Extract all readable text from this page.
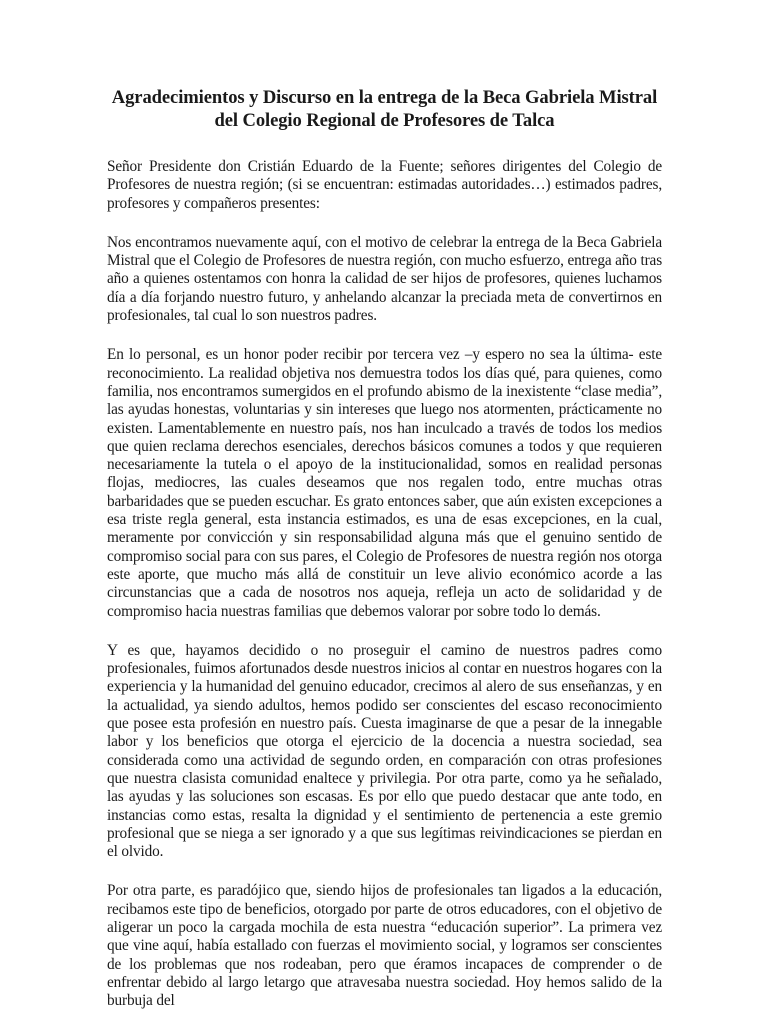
Agradecimientos y Discurso en la entrega de la Beca Gabriela Mistral
del Colegio Regional de Profesores de Talca

Señor Presidente don Cristián Eduardo de la Fuente; señores dirigentes del Colegio de Profesores de nuestra región; (si se encuentran: estimadas autoridades…) estimados padres, profesores y compañeros presentes:

Nos encontramos nuevamente aquí, con el motivo de celebrar la entrega de la Beca Gabriela Mistral que el Colegio de Profesores de nuestra región, con mucho esfuerzo, entrega año tras año a quienes ostentamos con honra la calidad de ser hijos de profesores, quienes luchamos día a día forjando nuestro futuro, y anhelando alcanzar la preciada meta de convertirnos en profesionales, tal cual lo son nuestros padres.

En lo personal, es un honor poder recibir por tercera vez –y espero no sea la última- este reconocimiento. La realidad objetiva nos demuestra todos los días qué, para quienes, como familia, nos encontramos sumergidos en el profundo abismo de la inexistente “clase media”, las ayudas honestas, voluntarias y sin intereses que luego nos atormenten, prácticamente no existen. Lamentablemente en nuestro país, nos han inculcado a través de todos los medios que quien reclama derechos esenciales, derechos básicos comunes a todos y que requieren necesariamente la tutela o el apoyo de la institucionalidad, somos en realidad personas flojas, mediocres, las cuales deseamos que nos regalen todo, entre muchas otras barbaridades que se pueden escuchar. Es grato entonces saber, que aún existen excepciones a esa triste regla general, esta instancia estimados, es una de esas excepciones, en la cual, meramente por convicción y sin responsabilidad alguna más que el genuino sentido de compromiso social para con sus pares, el Colegio de Profesores de nuestra región nos otorga este aporte, que mucho más allá de constituir un leve alivio económico acorde a las circunstancias que a cada de nosotros nos aqueja, refleja un acto de solidaridad y de compromiso hacia nuestras familias que debemos valorar por sobre todo lo demás.

Y es que, hayamos decidido o no proseguir el camino de nuestros padres como profesionales, fuimos afortunados desde nuestros inicios al contar en nuestros hogares con la experiencia y la humanidad del genuino educador, crecimos al alero de sus enseñanzas, y en la actualidad, ya siendo adultos, hemos podido ser conscientes del escaso reconocimiento que posee esta profesión en nuestro país. Cuesta imaginarse de que a pesar de la innegable labor y los beneficios que otorga el ejercicio de la docencia a nuestra sociedad, sea considerada como una actividad de segundo orden, en comparación con otras profesiones que nuestra clasista comunidad enaltece y privilegia. Por otra parte, como ya he señalado, las ayudas y las soluciones son escasas. Es por ello que puedo destacar que ante todo, en instancias como estas, resalta la dignidad y el sentimiento de pertenencia a este gremio profesional que se niega a ser ignorado y a que sus legítimas reivindicaciones se pierdan en el olvido.

Por otra parte, es paradójico que, siendo hijos de profesionales tan ligados a la educación, recibamos este tipo de beneficios, otorgado por parte de otros educadores, con el objetivo de aligerar un poco la cargada mochila de esta nuestra “educación superior”. La primera vez que vine aquí, había estallado con fuerzas el movimiento social, y logramos ser conscientes de los problemas que nos rodeaban, pero que éramos incapaces de comprender o de enfrentar debido al largo letargo que atravesaba nuestra sociedad. Hoy hemos salido de la burbuja del
